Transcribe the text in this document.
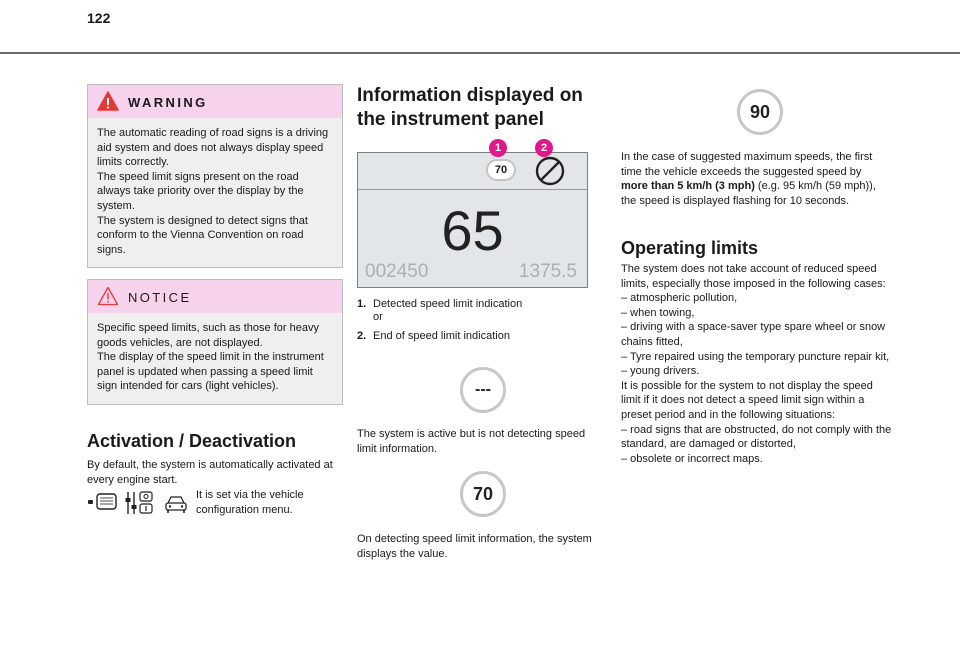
122
WARNING
The automatic reading of road signs is a driving aid system and does not always display speed limits correctly.
The speed limit signs present on the road always take priority over the display by the system.
The system is designed to detect signs that conform to the Vienna Convention on road signs.
NOTICE
Specific speed limits, such as those for heavy goods vehicles, are not displayed.
The display of the speed limit in the instrument panel is updated when passing a speed limit sign intended for cars (light vehicles).
Activation / Deactivation
By default, the system is automatically activated at every engine start.
It is set via the vehicle configuration menu.
Information displayed on the instrument panel
70
65
002450	1375.5
1	2
1. Detected speed limit indication
or
2. End of speed limit indication
---
The system is active but is not detecting speed limit information.
70
On detecting speed limit information, the system displays the value.
90
In the case of suggested maximum speeds, the first time the vehicle exceeds the suggested speed by more than 5 km/h (3 mph) (e.g. 95 km/h (59 mph)), the speed is displayed flashing for 10 seconds.
Operating limits
The system does not take account of reduced speed limits, especially those imposed in the following cases:
– atmospheric pollution,
– when towing,
– driving with a space-saver type spare wheel or snow chains fitted,
– Tyre repaired using the temporary puncture repair kit,
– young drivers.
It is possible for the system to not display the speed limit if it does not detect a speed limit sign within a preset period and in the following situations:
– road signs that are obstructed, do not comply with the standard, are damaged or distorted,
– obsolete or incorrect maps.
